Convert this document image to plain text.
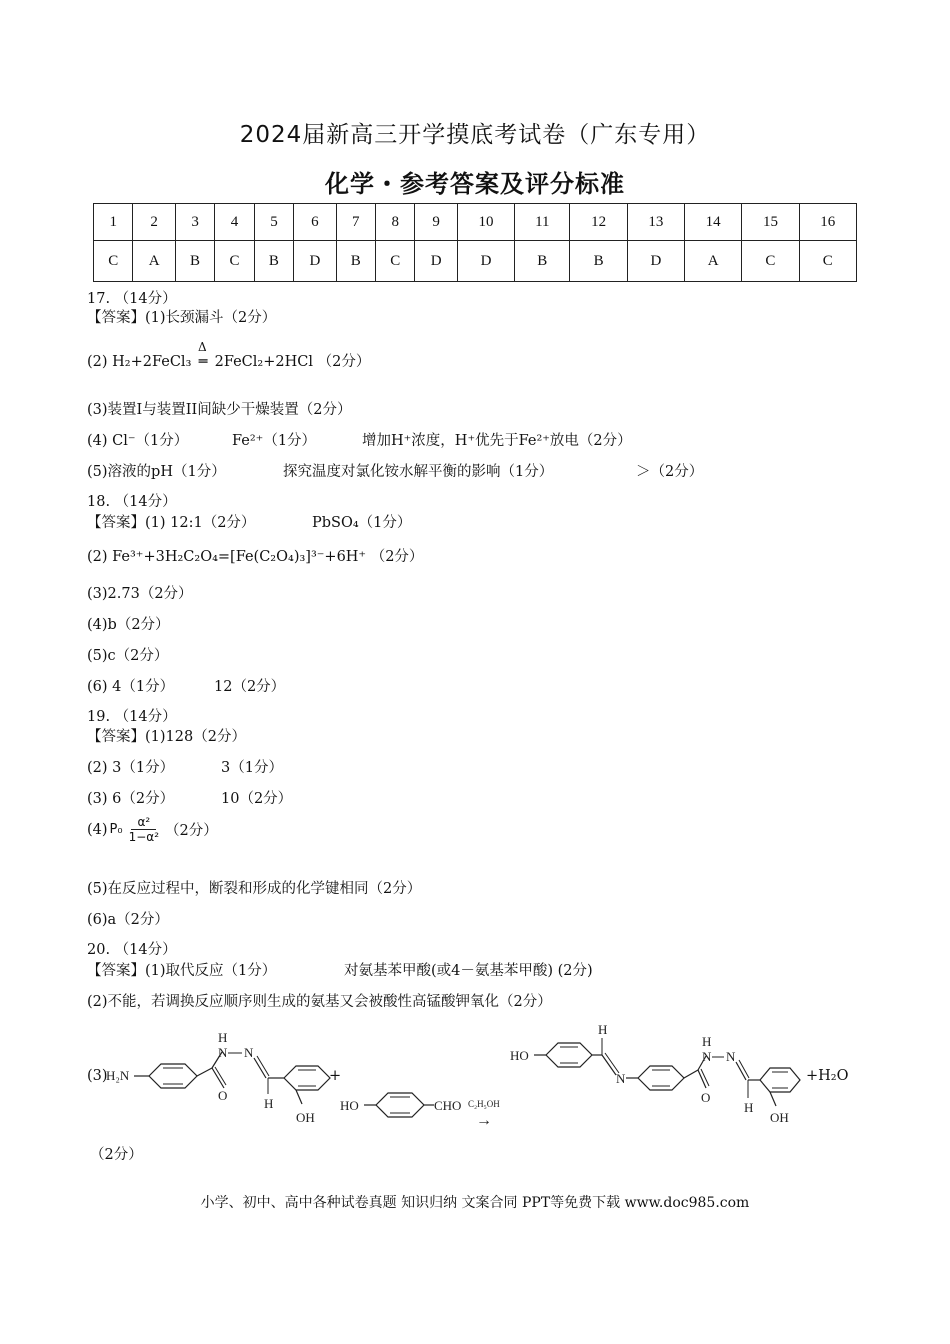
2024届新高三开学摸底考试卷（广东专用）
化学・参考答案及评分标准
1	2	3	4	5	6	7	8	9	10	11	12	13	14	15	16
C	A	B	C	B	D	B	C	D	D	B	B	D	A	C	C
17. （14分）
【答案】(1)长颈漏斗（2分）
(2) H₂+2FeCl₃
Δ
═ 2FeCl₂+2HCl （2分）
(3)装置I与装置II间缺少干燥装置（2分）
(4) Cl⁻（1分）	Fe²⁺（1分）	增加H⁺浓度，H⁺优先于Fe²⁺放电（2分）
(5)溶液的pH（1分）	探究温度对氯化铵水解平衡的影响（1分）	＞（2分）
18. （14分）
【答案】(1) 12:1（2分）	PbSO₄（1分）
(2) Fe³⁺+3H₂C₂O₄=[Fe(C₂O₄)₃]³⁻+6H⁺ （2分）
(3)2.73（2分）
(4)b（2分）
(5)c（2分）
(6) 4（1分）	12（2分）
19. （14分）
【答案】(1)128（2分）
(2) 3（1分）	3（1分）
(3) 6（2分）	10（2分）
(4) $P_0 \frac{\text{α²}}{\text{1−α²}} (2$分）
(5)在反应过程中，断裂和形成的化学键相同（2分）
(6)a（2分）
20. （14分）
【答案】(1)取代反应（1分）	对氨基苯甲酸(或4－氨基苯甲酸) (2分)
(2)不能，若调换反应顺序则生成的氨基又会被酸性高锰酸钾氧化（2分）
(3)
H₂N
O
H
N N
H
OH
+
HO	CHO C₂H₅OH
→
HO
H
N
O
H
N N
H
OH
+H₂O
（2分）
小学、初中、高中各种试卷真题 知识归纳 文案合同 PPT等免费下载 www.doc985.com
